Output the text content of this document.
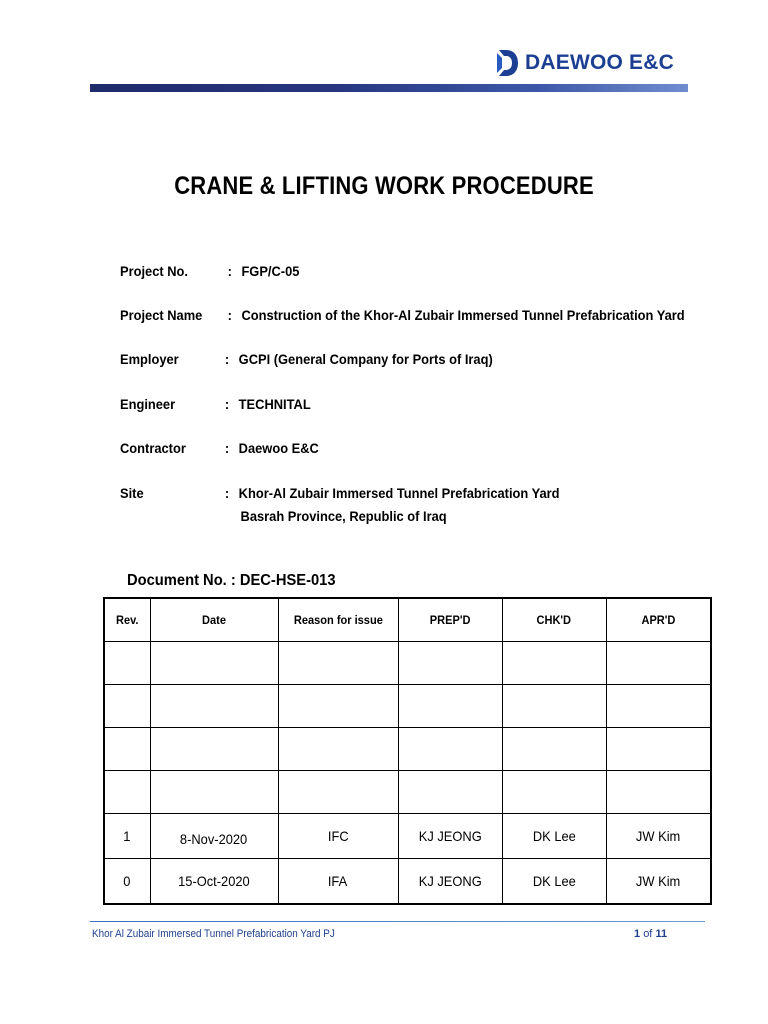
DAEWOO E&C
CRANE & LIFTING WORK PROCEDURE
Project No.	: FGP/C-05
Project Name : Construction of the Khor-Al Zubair Immersed Tunnel Prefabrication Yard
Employer	: GCPI (General Company for Ports of Iraq)
Engineer	: TECHNITAL
Contractor	: Daewoo E&C
Site	: Khor-Al Zubair Immersed Tunnel Prefabrication Yard
Basrah Province, Republic of Iraq
Document No. : DEC-HSE-013
Rev.	Date	Reason for issue	PREP'D	CHK'D	APR'D

1	8-Nov-2020	IFC	KJ JEONG	DK Lee	JW Kim
0	15-Oct-2020	IFA	KJ JEONG	DK Lee	JW Kim
Khor Al Zubair Immersed Tunnel Prefabrication Yard PJ	1 of 11
